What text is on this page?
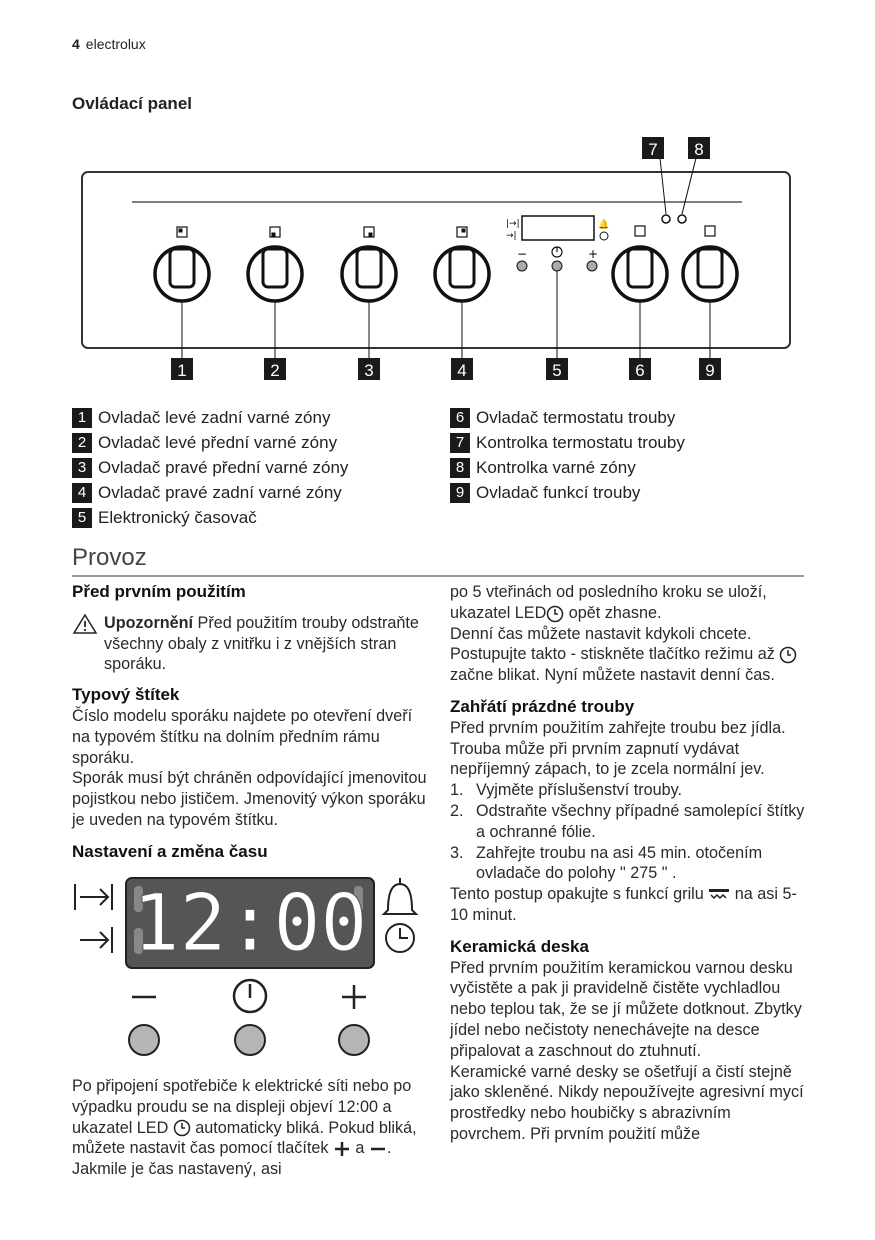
4 electrolux
Ovládací panel
|→|
→|
🔔
−	+
1	2	3	4	5	6	9
7 8
1 Ovladač levé zadní varné zóny
2 Ovladač levé přední varné zóny
3 Ovladač pravé přední varné zóny
4 Ovladač pravé zadní varné zóny
5 Elektronický časovač
6 Ovladač termostatu trouby
7 Kontrolka termostatu trouby
8 Kontrolka varné zóny
9 Ovladač funkcí trouby
Provoz

Před prvním použitím

Upozornění Před použitím trouby odstraňte všechny obaly z vnitřku i z vnějších stran sporáku.

Typový štítek

Číslo modelu sporáku najdete po otevření dveří na typovém štítku na dolním předním rámu sporáku.

Sporák musí být chráněn odpovídající jmenovitou pojistkou nebo jističem. Jmenovitý výkon sporáku je uveden na typovém štítku.

Nastavení a změna času

12:00

Po připojení spotřebiče k elektrické síti nebo po výpadku proudu se na displeji objeví 12:00 a ukazatel LED automaticky bliká. Pokud bliká, můžete nastavit čas pomocí tlačítek a . Jakmile je čas nastavený, asi

po 5 vteřinách od posledního kroku se uloží, ukazatel LED opět zhasne.

Denní čas můžete nastavit kdykoli chcete. Postupujte takto - stiskněte tlačítko režimu až  začne blikat. Nyní můžete nastavit denní čas.

Zahřátí prázdné trouby

Před prvním použitím zahřejte troubu bez jídla. Trouba může při prvním zapnutí vydávat nepříjemný zápach, to je zcela normální jev.

1. Vyjměte příslušenství trouby.
2. Odstraňte všechny případné samolepící štítky a ochranné fólie.
3. Zahřejte troubu na asi 45 min. otočením ovladače do polohy " 275 " .

Tento postup opakujte s funkcí grilu na asi 5-10 minut.

Keramická deska

Před prvním použitím keramickou varnou desku vyčistěte a pak ji pravidelně čistěte vychladlou nebo teplou tak, že se jí můžete dotknout. Zbytky jídel nebo nečistoty nenechávejte na desce připalovat a zaschnout do ztuhnutí.

Keramické varné desky se ošetřují a čistí stejně jako skleněné. Nikdy nepoužívejte agresivní mycí prostředky nebo houbičky s abrazivním povrchem. Při prvním použití může
